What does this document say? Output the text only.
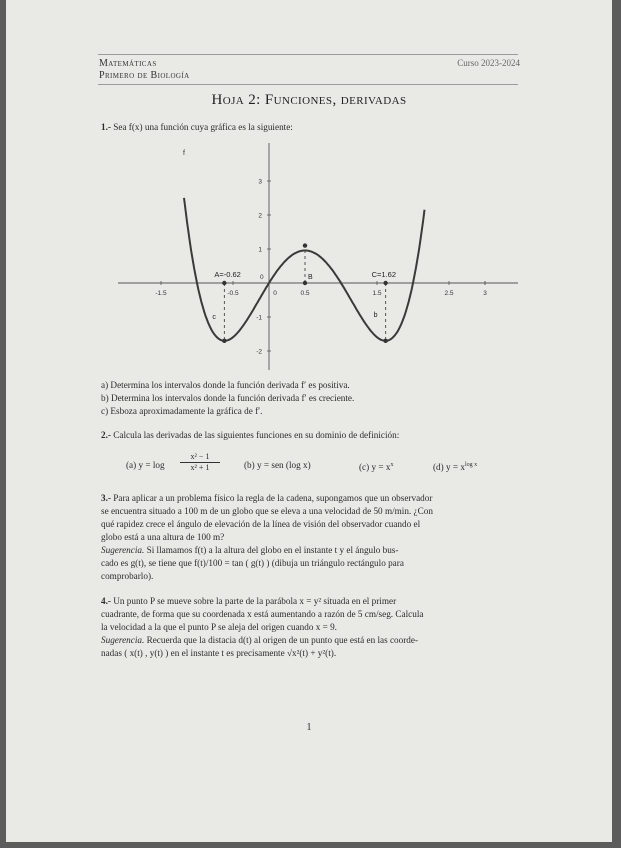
Matemáticas
Primero de Biología
Curso 2023-2024
Hoja 2: Funciones, derivadas
1.- Sea f(x) una función cuya gráfica es la siguiente:
-1.5	-0.5	0	0.5	1.5	2.5	3
3
2
1
-1
-2
0
f
A=-0.62	B	C=1.62
c	b
a) Determina los intervalos donde la función derivada f′ es positiva.
b) Determina los intervalos donde la función derivada f′ es creciente.
c) Esboza aproximadamente la gráfica de f′.
2.- Calcula las derivadas de las siguientes funciones en su dominio de definición:
(a) $y = \log \frac{\text{x² − 1}}{\text{x² + 1}}$	(b) y = sen (log x)	(c) $y = x^x$	(d) $y = x^{log x}$
3.- Para aplicar a un problema físico la regla de la cadena, supongamos que un observador
se encuentra situado a 100 m de un globo que se eleva a una velocidad de 50 m/min. ¿Con
qué rapidez crece el ángulo de elevación de la línea de visión del observador cuando el
globo está a una altura de 100 m?
Sugerencia. Si llamamos f(t) a la altura del globo en el instante t y el ángulo bus-
cado es g(t), se tiene que f(t)/100 = tan ( g(t) ) (dibuja un triángulo rectángulo para
comprobarlo).
4.- Un punto P se mueve sobre la parte de la parábola x = y² situada en el primer
cuadrante, de forma que su coordenada x está aumentando a razón de 5 cm/seg. Calcula
la velocidad a la que el punto P se aleja del origen cuando x = 9.
Sugerencia. Recuerda que la distacia d(t) al origen de un punto que está en las coorde-
nadas ( x(t) , y(t) ) en el instante t es precisamente √x²(t) + y²(t).
1
